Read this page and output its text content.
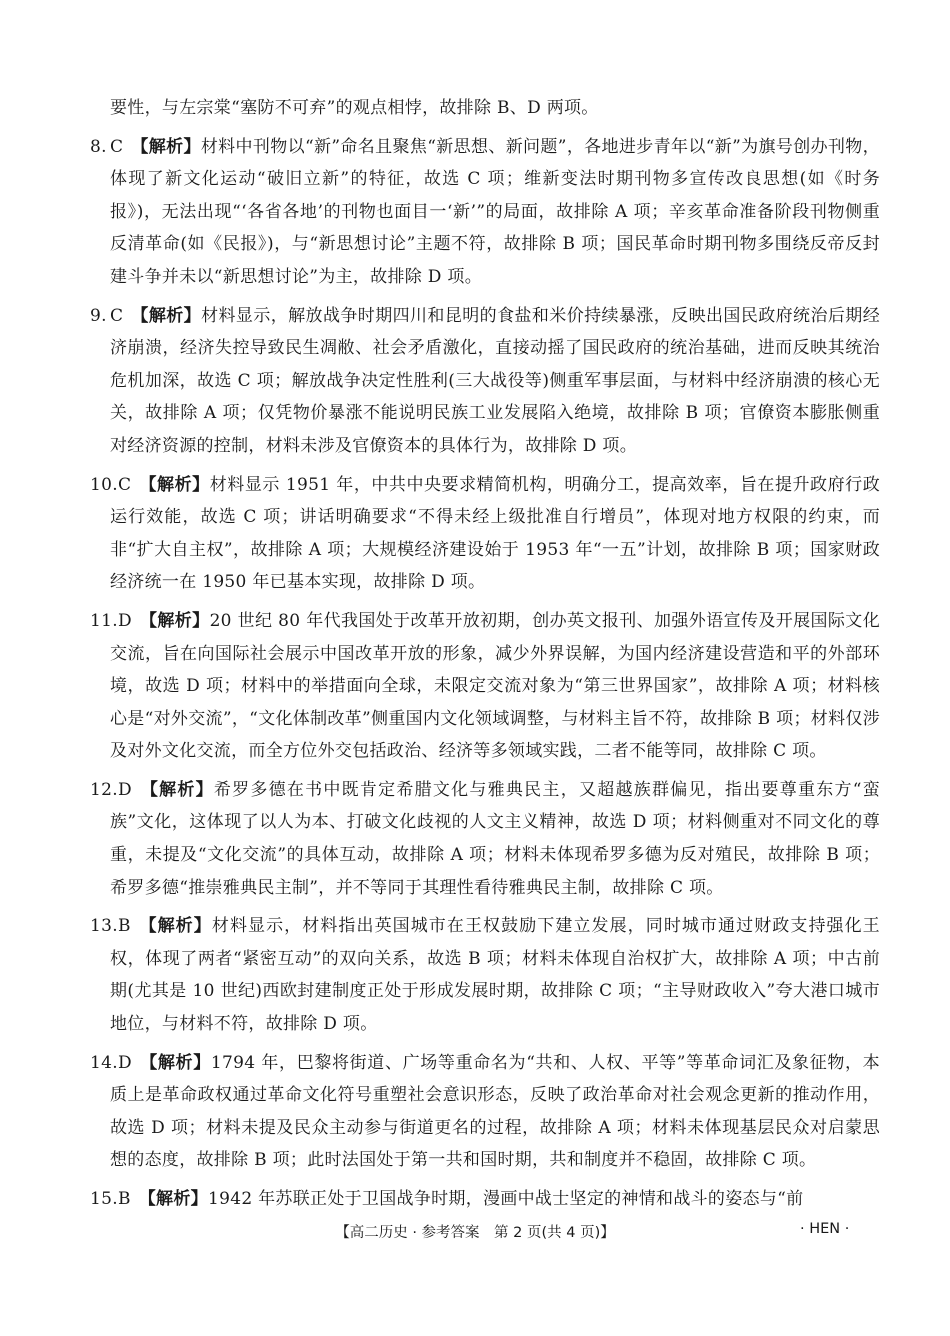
要性，与左宗棠“塞防不可弃”的观点相悖，故排除 B、D 两项。

8. C 【解析】材料中刊物以“新”命名且聚焦“新思想、新问题”，各地进步青年以“新”为旗号创办刊物，体现了新文化运动“破旧立新”的特征，故选 C 项；维新变法时期刊物多宣传改良思想(如《时务报》)，无法出现“‘各省各地’的刊物也面目一‘新’”的局面，故排除 A 项；辛亥革命准备阶段刊物侧重反清革命(如《民报》)，与“新思想讨论”主题不符，故排除 B 项；国民革命时期刊物多围绕反帝反封建斗争并未以“新思想讨论”为主，故排除 D 项。

9. C 【解析】材料显示，解放战争时期四川和昆明的食盐和米价持续暴涨，反映出国民政府统治后期经济崩溃，经济失控导致民生凋敝、社会矛盾激化，直接动摇了国民政府的统治基础，进而反映其统治危机加深，故选 C 项；解放战争决定性胜利(三大战役等)侧重军事层面，与材料中经济崩溃的核心无关，故排除 A 项；仅凭物价暴涨不能说明民族工业发展陷入绝境，故排除 B 项；官僚资本膨胀侧重对经济资源的控制，材料未涉及官僚资本的具体行为，故排除 D 项。

10.C 【解析】材料显示 1951 年，中共中央要求精简机构，明确分工，提高效率，旨在提升政府行政运行效能，故选 C 项；讲话明确要求“不得未经上级批准自行增员”，体现对地方权限的约束，而非“扩大自主权”，故排除 A 项；大规模经济建设始于 1953 年“一五”计划，故排除 B 项；国家财政经济统一在 1950 年已基本实现，故排除 D 项。

11.D 【解析】20 世纪 80 年代我国处于改革开放初期，创办英文报刊、加强外语宣传及开展国际文化交流，旨在向国际社会展示中国改革开放的形象，减少外界误解，为国内经济建设营造和平的外部环境，故选 D 项；材料中的举措面向全球，未限定交流对象为“第三世界国家”，故排除 A 项；材料核心是“对外交流”，“文化体制改革”侧重国内文化领域调整，与材料主旨不符，故排除 B 项；材料仅涉及对外文化交流，而全方位外交包括政治、经济等多领域实践，二者不能等同，故排除 C 项。

12.D 【解析】希罗多德在书中既肯定希腊文化与雅典民主，又超越族群偏见，指出要尊重东方“蛮族”文化，这体现了以人为本、打破文化歧视的人文主义精神，故选 D 项；材料侧重对不同文化的尊重，未提及“文化交流”的具体互动，故排除 A 项；材料未体现希罗多德为反对殖民，故排除 B 项；希罗多德“推崇雅典民主制”，并不等同于其理性看待雅典民主制，故排除 C 项。

13.B 【解析】材料显示，材料指出英国城市在王权鼓励下建立发展，同时城市通过财政支持强化王权，体现了两者“紧密互动”的双向关系，故选 B 项；材料未体现自治权扩大，故排除 A 项；中古前期(尤其是 10 世纪)西欧封建制度正处于形成发展时期，故排除 C 项；“主导财政收入”夸大港口城市地位，与材料不符，故排除 D 项。

14.D 【解析】1794 年，巴黎将街道、广场等重命名为“共和、人权、平等”等革命词汇及象征物，本质上是革命政权通过革命文化符号重塑社会意识形态，反映了政治革命对社会观念更新的推动作用，故选 D 项；材料未提及民众主动参与街道更名的过程，故排除 A 项；材料未体现基层民众对启蒙思想的态度，故排除 B 项；此时法国处于第一共和国时期，共和制度并不稳固，故排除 C 项。

15.B 【解析】1942 年苏联正处于卫国战争时期，漫画中战士坚定的神情和战斗的姿态与“前

【高二历史 · 参考答案　第 2 页(共 4 页)】	· HEN ·
